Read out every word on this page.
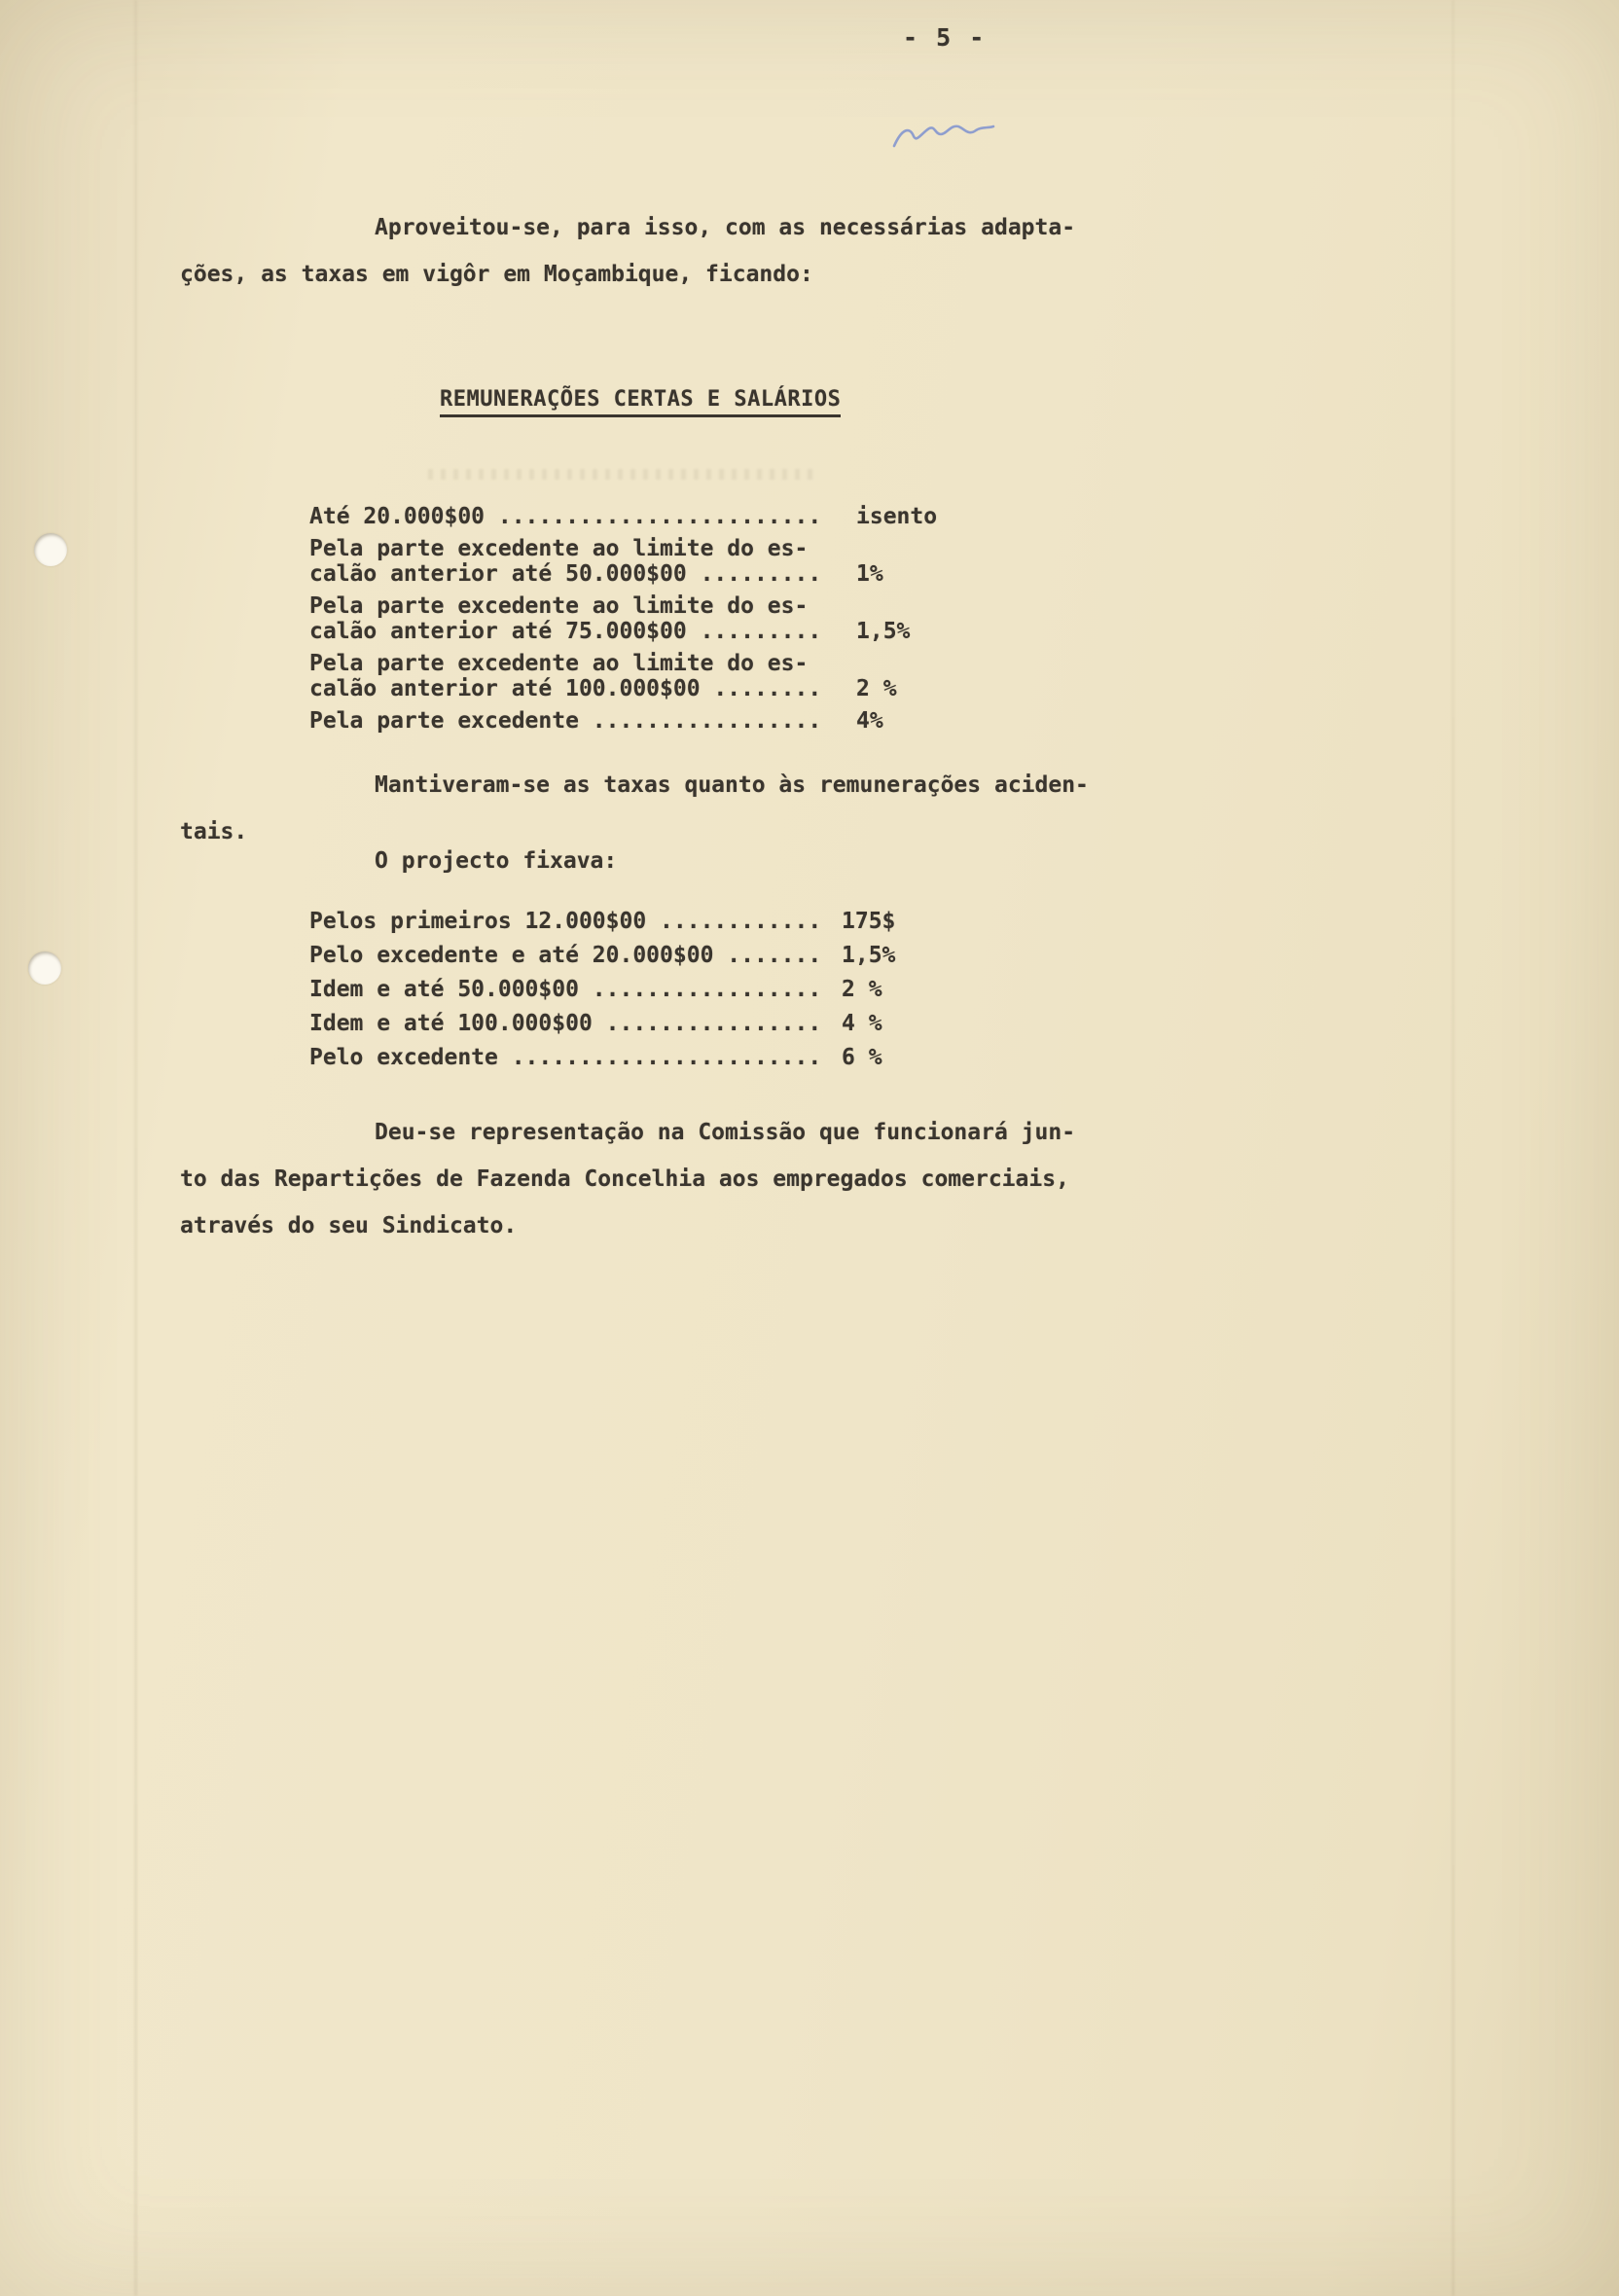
- 5 -
Aproveitou-se, para isso, com as necessárias adapta-
ções, as taxas em vigôr em Moçambique, ficando:
REMUNERAÇÕES CERTAS E SALÁRIOS
Até 20.000$00 ........................	isento
Pela parte excedente ao limite do es-
calão anterior até 50.000$00 .........	1%
Pela parte excedente ao limite do es-
calão anterior até 75.000$00 .........	1,5%
Pela parte excedente ao limite do es-
calão anterior até 100.000$00 ........	2 %
Pela parte excedente .................	4%
Mantiveram-se as taxas quanto às remunerações aciden-
tais.
O projecto fixava:
Pelos primeiros 12.000$00 ............ 175$
Pelo excedente e até 20.000$00 ....... 1,5%
Idem e até 50.000$00 ................. 2 %
Idem e até 100.000$00 ................ 4 %
Pelo excedente ....................... 6 %
Deu-se representação na Comissão que funcionará jun-
to das Repartições de Fazenda Concelhia aos empregados comerciais,
através do seu Sindicato.
